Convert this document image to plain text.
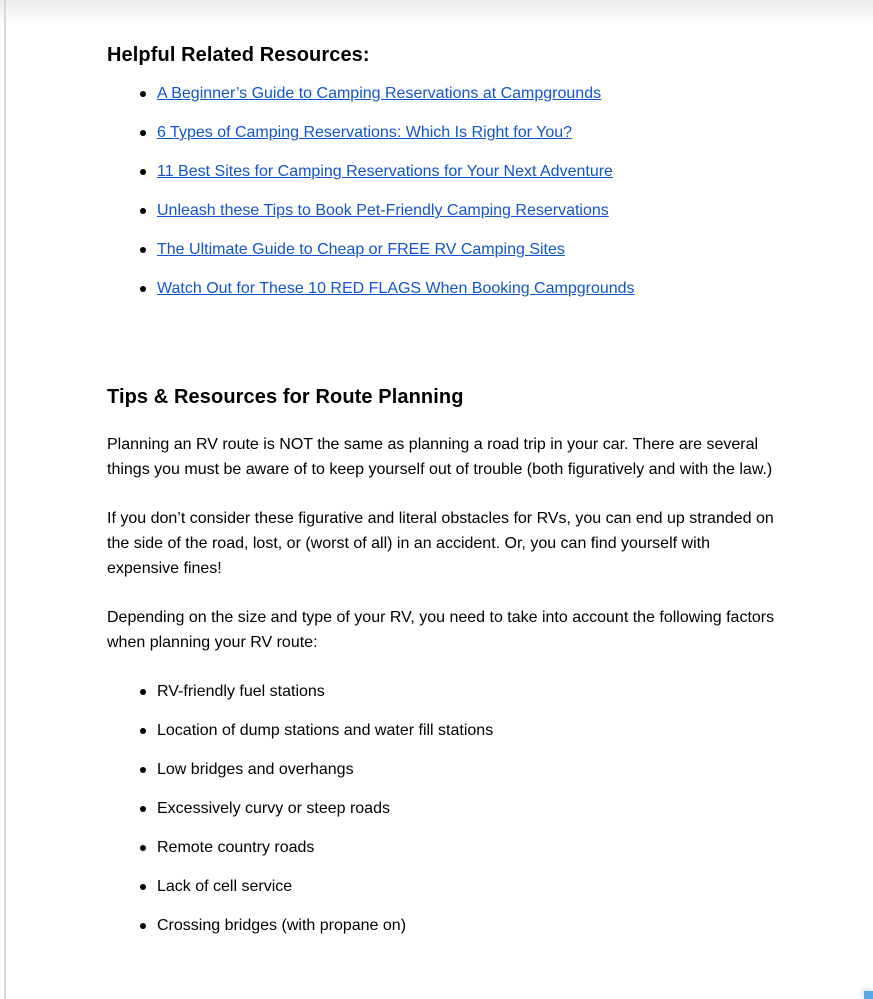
Helpful Related Resources:
A Beginner’s Guide to Camping Reservations at Campgrounds
6 Types of Camping Reservations: Which Is Right for You?
11 Best Sites for Camping Reservations for Your Next Adventure
Unleash these Tips to Book Pet-Friendly Camping Reservations
The Ultimate Guide to Cheap or FREE RV Camping Sites
Watch Out for These 10 RED FLAGS When Booking Campgrounds
Tips & Resources for Route Planning

Planning an RV route is NOT the same as planning a road trip in your car. There are several things you must be aware of to keep yourself out of trouble (both figuratively and with the law.)

If you don’t consider these figurative and literal obstacles for RVs, you can end up stranded on the side of the road, lost, or (worst of all) in an accident. Or, you can find yourself with expensive fines!

Depending on the size and type of your RV, you need to take into account the following factors when planning your RV route:

RV-friendly fuel stations
Location of dump stations and water fill stations
Low bridges and overhangs
Excessively curvy or steep roads
Remote country roads
Lack of cell service
Crossing bridges (with propane on)
